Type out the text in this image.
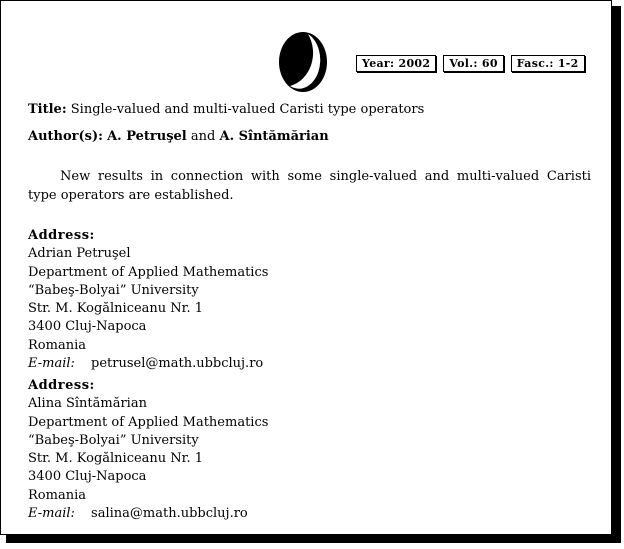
Year: 2002	Vol.: 60	Fasc.: 1-2
Title: Single-valued and multi-valued Caristi type operators
Author(s): A. Petruşel and A. Sîntămărian
New results in connection with some single-valued and multi-valued Caristi type operators are established.
Address:
Adrian Petruşel
Department of Applied Mathematics
“Babeş-Bolyai” University
Str. M. Kogălniceanu Nr. 1
3400 Cluj-Napoca
Romania
E-mail: petrusel@math.ubbcluj.ro
Address:
Alina Sîntămărian
Department of Applied Mathematics
“Babeş-Bolyai” University
Str. M. Kogălniceanu Nr. 1
3400 Cluj-Napoca
Romania
E-mail: salina@math.ubbcluj.ro
